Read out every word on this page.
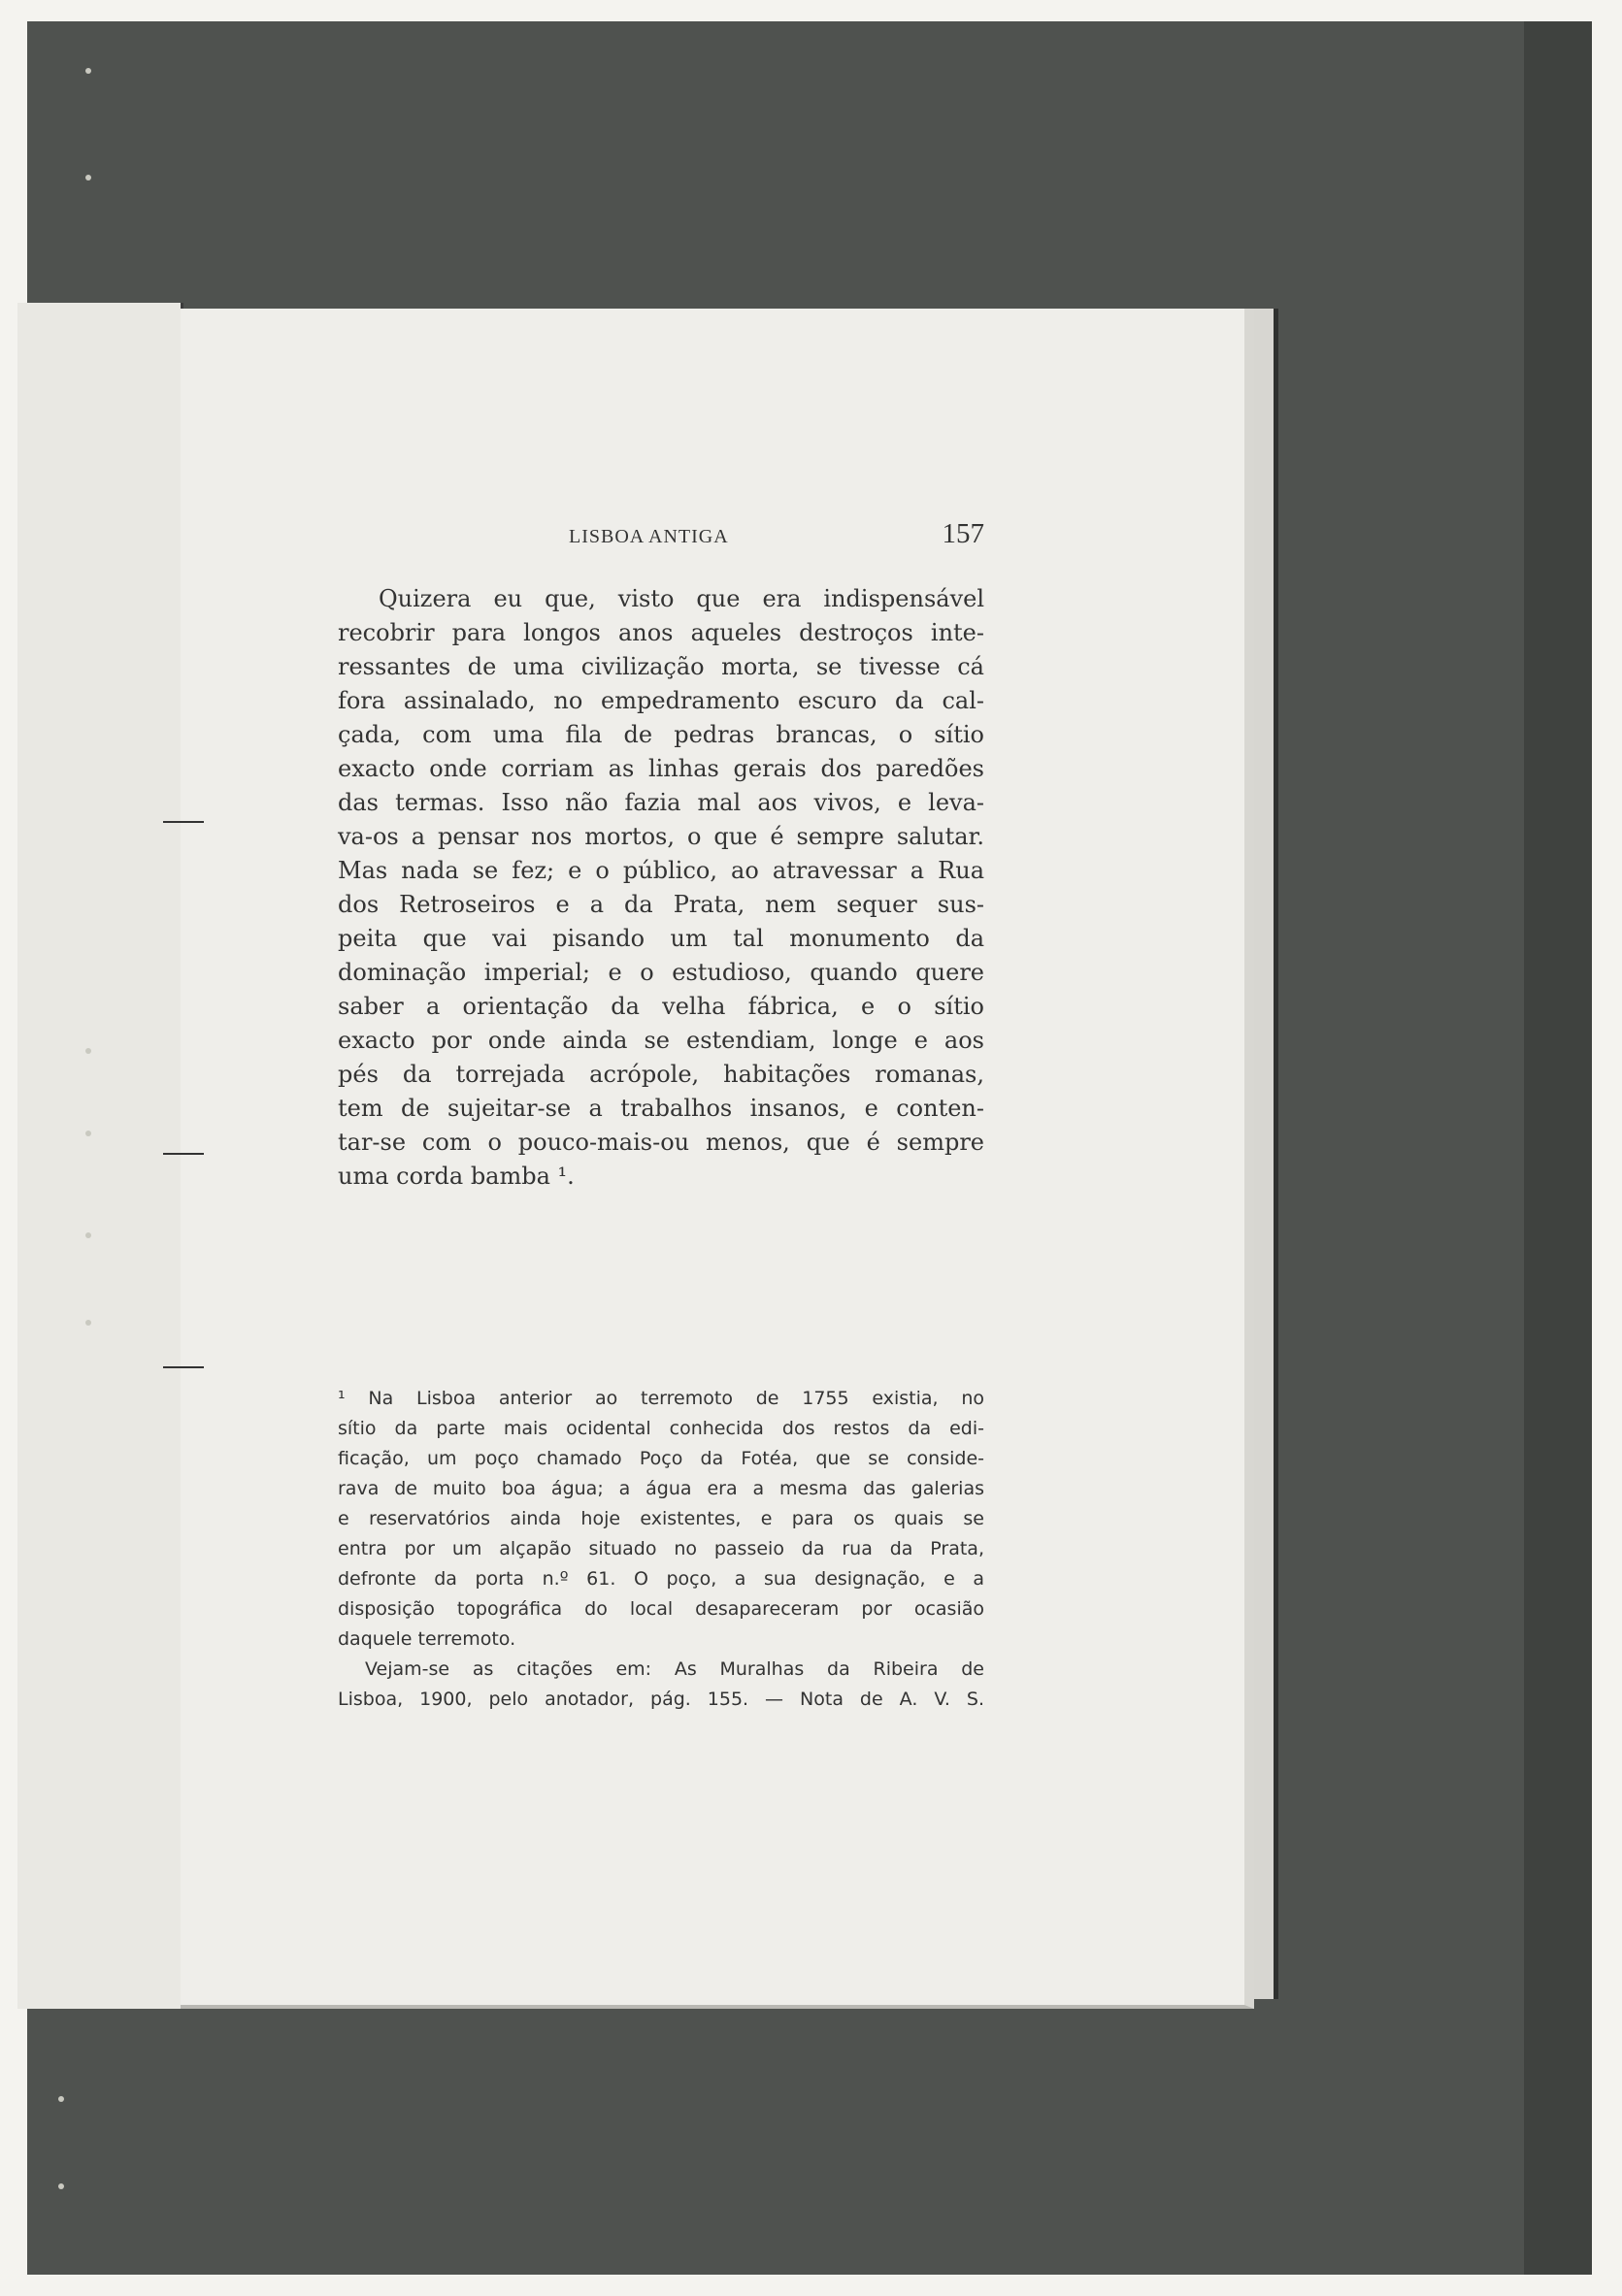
LISBOA ANTIGA	157
Quizera eu que, visto que era indispensável
recobrir para longos anos aqueles destroços inte-
ressantes de uma civilização morta, se tivesse cá
fora assinalado, no empedramento escuro da cal-
çada, com uma fila de pedras brancas, o sítio
exacto onde corriam as linhas gerais dos paredões
das termas. Isso não fazia mal aos vivos, e leva-
va-os a pensar nos mortos, o que é sempre salutar.
Mas nada se fez; e o público, ao atravessar a Rua
dos Retroseiros e a da Prata, nem sequer sus-
peita que vai pisando um tal monumento da
dominação imperial; e o estudioso, quando quere
saber a orientação da velha fábrica, e o sítio
exacto por onde ainda se estendiam, longe e aos
pés da torrejada acrópole, habitações romanas,
tem de sujeitar-se a trabalhos insanos, e conten-
tar-se com o pouco-mais-ou menos, que é sempre
uma corda bamba ¹.
¹ Na Lisboa anterior ao terremoto de 1755 existia, no
sítio da parte mais ocidental conhecida dos restos da edi-
ficação, um poço chamado Poço da Fotéa, que se conside-
rava de muito boa água; a água era a mesma das galerias
e reservatórios ainda hoje existentes, e para os quais se
entra por um alçapão situado no passeio da rua da Prata,
defronte da porta n.º 61. O poço, a sua designação, e a
disposição topográfica do local desapareceram por ocasião
daquele terremoto.
Vejam-se as citações em: As Muralhas da Ribeira de
Lisboa, 1900, pelo anotador, pág. 155. — Nota de A. V. S.
